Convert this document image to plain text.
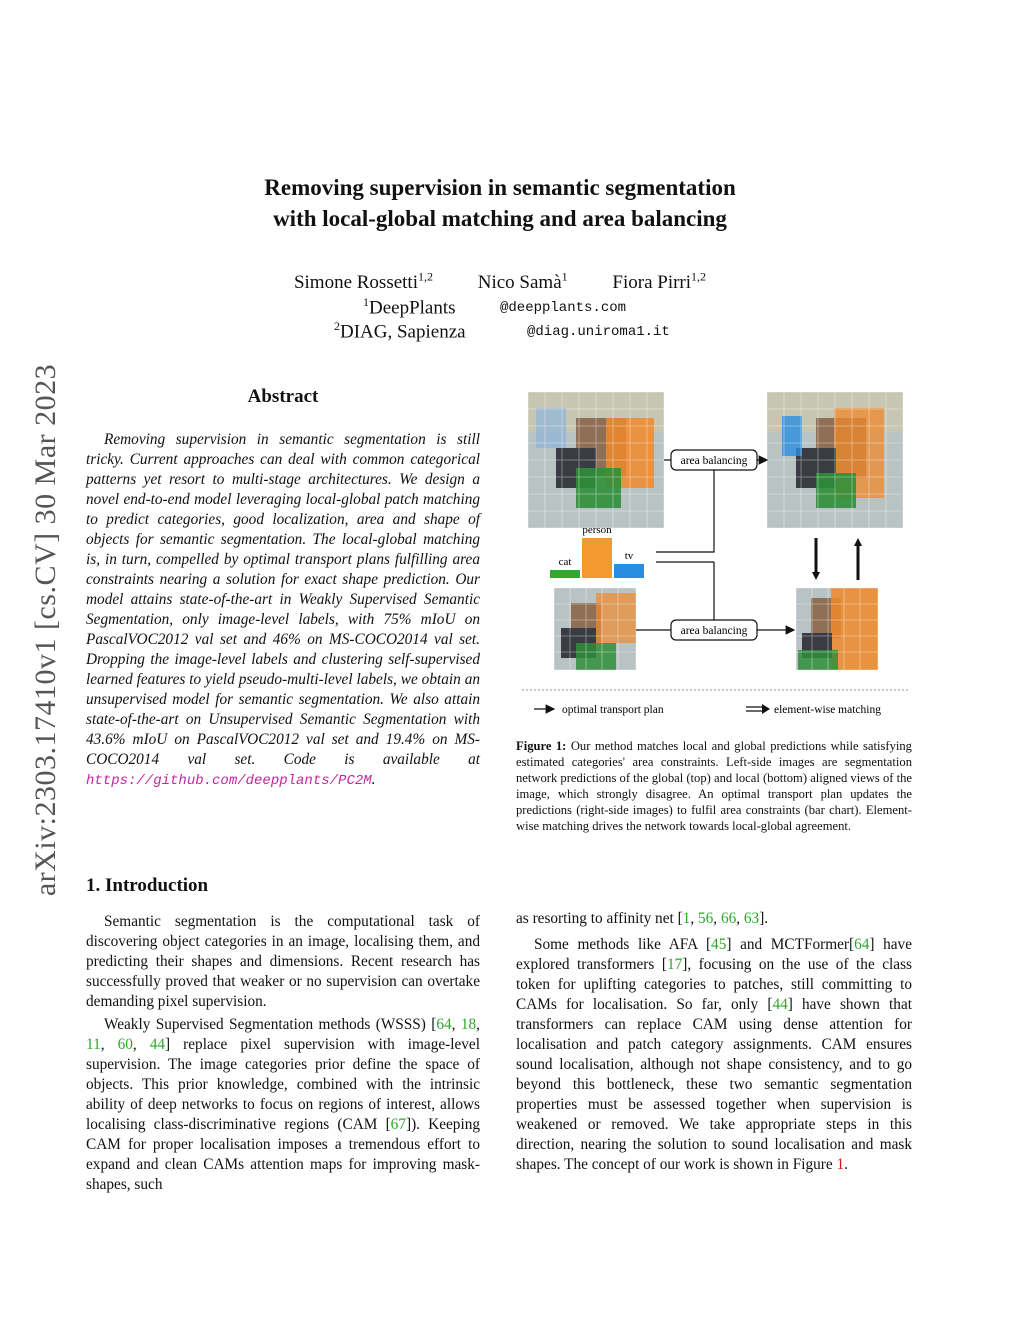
arXiv:2303.17410v1 [cs.CV] 30 Mar 2023
Removing supervision in semantic segmentation
with local-global matching and area balancing
Simone Rossetti$^{1,2}$ Nico Samà$^1$ Fiora Pirri$^{1,2}$
$^1$DeepPlants	@deepplants.com
$^2$DIAG, Sapienza	@diag.uniroma1.it
Abstract
Removing supervision in semantic segmentation is still tricky. Current approaches can deal with common categorical patterns yet resort to multi-stage architectures. We design a novel end-to-end model leveraging local-global patch matching to predict categories, good localization, area and shape of objects for semantic segmentation. The local-global matching is, in turn, compelled by optimal transport plans fulfilling area constraints nearing a solution for exact shape prediction. Our model attains state-of-the-art in Weakly Supervised Semantic Segmentation, only image-level labels, with 75% mIoU on PascalVOC2012 val set and 46% on MS-COCO2014 val set. Dropping the image-level labels and clustering self-supervised learned features to yield pseudo-multi-level labels, we obtain an unsupervised model for semantic segmentation. We also attain state-of-the-art on Unsupervised Semantic Segmentation with 43.6% mIoU on PascalVOC2012 val set and 19.4% on MS-COCO2014 val set. Code is available at https://github.com/deepplants/PC2M.
1. Introduction

Semantic segmentation is the computational task of discovering object categories in an image, localising them, and predicting their shapes and dimensions. Recent research has successfully proved that weaker or no supervision can overtake demanding pixel supervision.

Weakly Supervised Segmentation methods (WSSS) [64, 18, 11, 60, 44] replace pixel supervision with image-level supervision. The image categories prior define the space of objects. This prior knowledge, combined with the intrinsic ability of deep networks to focus on regions of interest, allows localising class-discriminative regions (CAM [67]). Keeping CAM for proper localisation imposes a tremendous effort to expand and clean CAMs attention maps for improving mask-shapes, such

as resorting to affinity net [1, 56, 66, 63].

Some methods like AFA [45] and MCTFormer[64] have explored transformers [17], focusing on the use of the class token for uplifting categories to patches, still committing to CAMs for localisation. So far, only [44] have shown that transformers can replace CAM using dense attention for localisation and patch category assignments. CAM ensures sound localisation, although not shape consistency, and to go beyond this bottleneck, these two semantic segmentation properties must be assessed together when supervision is weakened or removed. We take appropriate steps in this direction, nearing the solution to sound localisation and mask shapes. The concept of our work is shown in Figure 1.

area balancing
area balancing
cat
person
tv
optimal transport plan	element-wise matching
Figure 1: Our method matches local and global predictions while satisfying estimated categories' area constraints. Left-side images are segmentation network predictions of the global (top) and local (bottom) aligned views of the image, which strongly disagree. An optimal transport plan updates the predictions (right-side images) to fulfil area constraints (bar chart). Element-wise matching drives the network towards local-global agreement.
